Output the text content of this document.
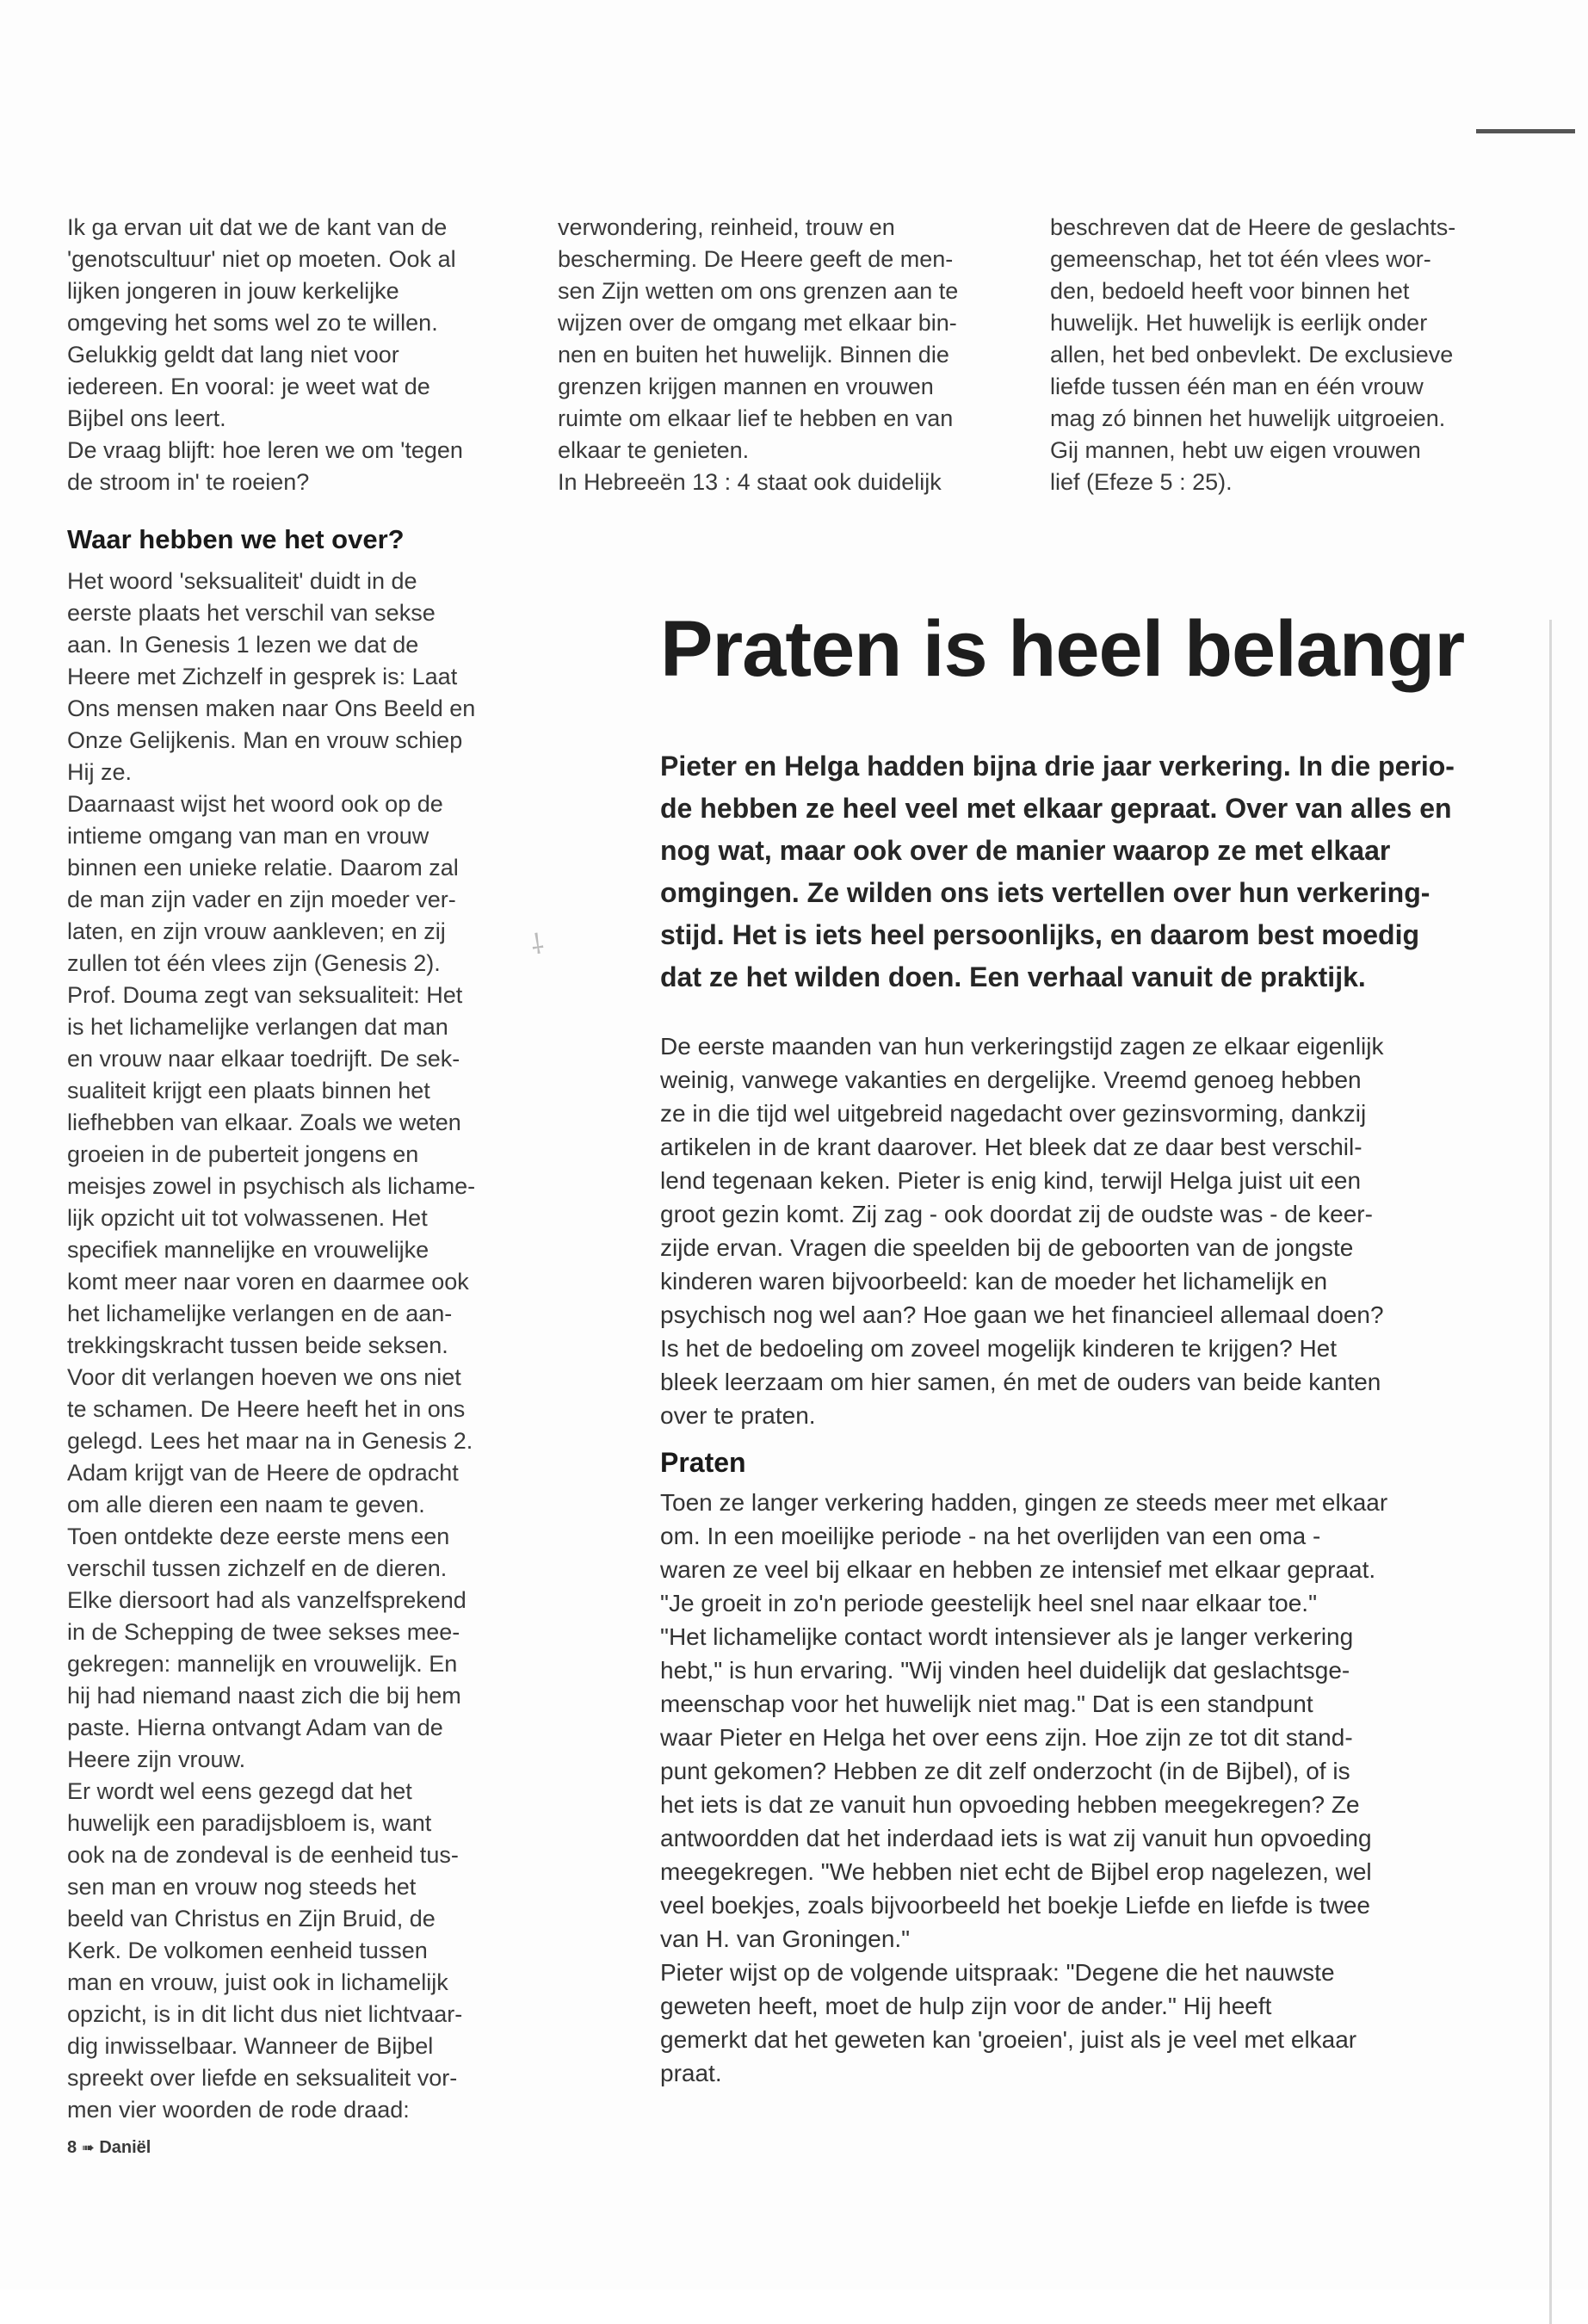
Ik ga ervan uit dat we de kant van de
'genotscultuur' niet op moeten. Ook al
lijken jongeren in jouw kerkelijke
omgeving het soms wel zo te willen.
Gelukkig geldt dat lang niet voor
iedereen. En vooral: je weet wat de
Bijbel ons leert.
De vraag blijft: hoe leren we om 'tegen
de stroom in' te roeien?

Waar hebben we het over?

Het woord 'seksualiteit' duidt in de
eerste plaats het verschil van sekse
aan. In Genesis 1 lezen we dat de
Heere met Zichzelf in gesprek is: Laat
Ons mensen maken naar Ons Beeld en
Onze Gelijkenis. Man en vrouw schiep
Hij ze.
Daarnaast wijst het woord ook op de
intieme omgang van man en vrouw
binnen een unieke relatie. Daarom zal
de man zijn vader en zijn moeder ver-
laten, en zijn vrouw aankleven; en zij
zullen tot één vlees zijn (Genesis 2).
Prof. Douma zegt van seksualiteit: Het
is het lichamelijke verlangen dat man
en vrouw naar elkaar toedrijft. De sek-
sualiteit krijgt een plaats binnen het
liefhebben van elkaar. Zoals we weten
groeien in de puberteit jongens en
meisjes zowel in psychisch als lichame-
lijk opzicht uit tot volwassenen. Het
specifiek mannelijke en vrouwelijke
komt meer naar voren en daarmee ook
het lichamelijke verlangen en de aan-
trekkingskracht tussen beide seksen.
Voor dit verlangen hoeven we ons niet
te schamen. De Heere heeft het in ons
gelegd. Lees het maar na in Genesis 2.
Adam krijgt van de Heere de opdracht
om alle dieren een naam te geven.
Toen ontdekte deze eerste mens een
verschil tussen zichzelf en de dieren.
Elke diersoort had als vanzelfsprekend
in de Schepping de twee sekses mee-
gekregen: mannelijk en vrouwelijk. En
hij had niemand naast zich die bij hem
paste. Hierna ontvangt Adam van de
Heere zijn vrouw.
Er wordt wel eens gezegd dat het
huwelijk een paradijsbloem is, want
ook na de zondeval is de eenheid tus-
sen man en vrouw nog steeds het
beeld van Christus en Zijn Bruid, de
Kerk. De volkomen eenheid tussen
man en vrouw, juist ook in lichamelijk
opzicht, is in dit licht dus niet lichtvaar-
dig inwisselbaar. Wanneer de Bijbel
spreekt over liefde en seksualiteit vor-
men vier woorden de rode draad:

⸸

verwondering, reinheid, trouw en
bescherming. De Heere geeft de men-
sen Zijn wetten om ons grenzen aan te
wijzen over de omgang met elkaar bin-
nen en buiten het huwelijk. Binnen die
grenzen krijgen mannen en vrouwen
ruimte om elkaar lief te hebben en van
elkaar te genieten.
In Hebreeën 13 : 4 staat ook duidelijk

beschreven dat de Heere de geslachts-
gemeenschap, het tot één vlees wor-
den, bedoeld heeft voor binnen het
huwelijk. Het huwelijk is eerlijk onder
allen, het bed onbevlekt. De exclusieve
liefde tussen één man en één vrouw
mag zó binnen het huwelijk uitgroeien.
Gij mannen, hebt uw eigen vrouwen
lief (Efeze 5 : 25).

Praten is heel belangr
Pieter en Helga hadden bijna drie jaar verkering. In die perio-
de hebben ze heel veel met elkaar gepraat. Over van alles en
nog wat, maar ook over de manier waarop ze met elkaar
omgingen. Ze wilden ons iets vertellen over hun verkering-
stijd. Het is iets heel persoonlijks, en daarom best moedig
dat ze het wilden doen. Een verhaal vanuit de praktijk.

De eerste maanden van hun verkeringstijd zagen ze elkaar eigenlijk
weinig, vanwege vakanties en dergelijke. Vreemd genoeg hebben
ze in die tijd wel uitgebreid nagedacht over gezinsvorming, dankzij
artikelen in de krant daarover. Het bleek dat ze daar best verschil-
lend tegenaan keken. Pieter is enig kind, terwijl Helga juist uit een
groot gezin komt. Zij zag - ook doordat zij de oudste was - de keer-
zijde ervan. Vragen die speelden bij de geboorten van de jongste
kinderen waren bijvoorbeeld: kan de moeder het lichamelijk en
psychisch nog wel aan? Hoe gaan we het financieel allemaal doen?
Is het de bedoeling om zoveel mogelijk kinderen te krijgen? Het
bleek leerzaam om hier samen, én met de ouders van beide kanten
over te praten.

Praten

Toen ze langer verkering hadden, gingen ze steeds meer met elkaar
om. In een moeilijke periode - na het overlijden van een oma -
waren ze veel bij elkaar en hebben ze intensief met elkaar gepraat.
"Je groeit in zo'n periode geestelijk heel snel naar elkaar toe."
"Het lichamelijke contact wordt intensiever als je langer verkering
hebt," is hun ervaring. "Wij vinden heel duidelijk dat geslachtsge-
meenschap voor het huwelijk niet mag." Dat is een standpunt
waar Pieter en Helga het over eens zijn. Hoe zijn ze tot dit stand-
punt gekomen? Hebben ze dit zelf onderzocht (in de Bijbel), of is
het iets is dat ze vanuit hun opvoeding hebben meegekregen? Ze
antwoordden dat het inderdaad iets is wat zij vanuit hun opvoeding
meegekregen. "We hebben niet echt de Bijbel erop nagelezen, wel
veel boekjes, zoals bijvoorbeeld het boekje Liefde en liefde is twee
van H. van Groningen."
Pieter wijst op de volgende uitspraak: "Degene die het nauwste
geweten heeft, moet de hulp zijn voor de ander." Hij heeft
gemerkt dat het geweten kan 'groeien', juist als je veel met elkaar
praat.

8 ➠ Daniël
